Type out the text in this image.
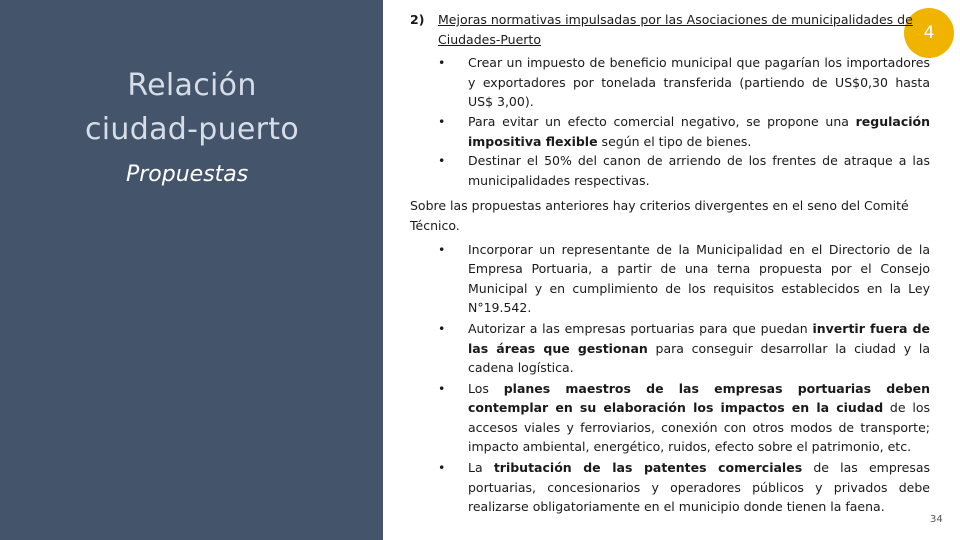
Relación ciudad-puerto
Propuestas
4
2) Mejoras normativas impulsadas por las Asociaciones de municipalidades de Ciudades-Puerto
• Crear un impuesto de beneficio municipal que pagarían los importadores y exportadores por tonelada transferida (partiendo de US$0,30 hasta US$ 3,00).
• Para evitar un efecto comercial negativo, se propone una regulación impositiva flexible según el tipo de bienes.
• Destinar el 50% del canon de arriendo de los frentes de atraque a las municipalidades respectivas.
Sobre las propuestas anteriores hay criterios divergentes en el seno del Comité Técnico.
• Incorporar un representante de la Municipalidad en el Directorio de la Empresa Portuaria, a partir de una terna propuesta por el Consejo Municipal y en cumplimiento de los requisitos establecidos en la Ley N°19.542.
• Autorizar a las empresas portuarias para que puedan invertir fuera de las áreas que gestionan para conseguir desarrollar la ciudad y la cadena logística.
• Los planes maestros de las empresas portuarias deben contemplar en su elaboración los impactos en la ciudad de los accesos viales y ferroviarios, conexión con otros modos de transporte; impacto ambiental, energético, ruidos, efecto sobre el patrimonio, etc.
• La tributación de las patentes comerciales de las empresas portuarias, concesionarios y operadores públicos y privados debe realizarse obligatoriamente en el municipio donde tienen la faena.
34
